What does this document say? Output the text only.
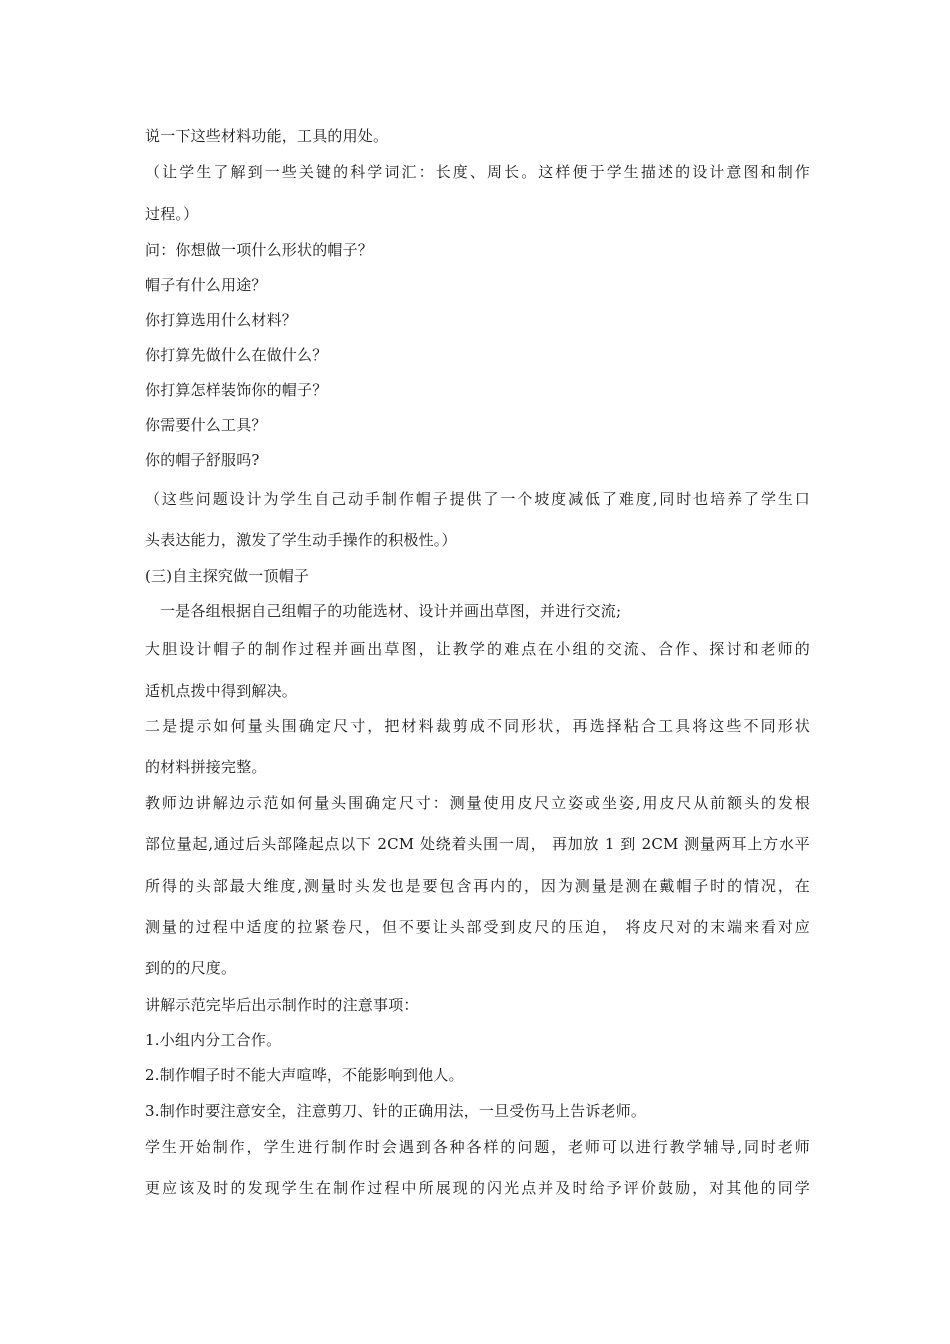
说一下这些材料功能，工具的用处。
（让学生了解到一些关键的科学词汇：长度、周长。这样便于学生描述的设计意图和制作
过程。）
问：你想做一项什么形状的帽子？
帽子有什么用途？
你打算选用什么材料？
你打算先做什么在做什么？
你打算怎样装饰你的帽子？
你需要什么工具？
你的帽子舒服吗?
（这些问题设计为学生自己动手制作帽子提供了一个坡度减低了难度,同时也培养了学生口
头表达能力，激发了学生动手操作的积极性。）
(三)自主探究做一顶帽子
一是各组根据自己组帽子的功能选材、设计并画出草图，并进行交流;
大胆设计帽子的制作过程并画出草图，让教学的难点在小组的交流、合作、探讨和老师的
适机点拨中得到解决。
二是提示如何量头围确定尺寸，把材料裁剪成不同形状，再选择粘合工具将这些不同形状
的材料拼接完整。
教师边讲解边示范如何量头围确定尺寸：测量使用皮尺立姿或坐姿,用皮尺从前额头的发根
部位量起,通过后头部隆起点以下 2CM 处绕着头围一周， 再加放 1 到 2CM 测量两耳上方水平
所得的头部最大维度,测量时头发也是要包含再内的，因为测量是测在戴帽子时的情况，在
测量的过程中适度的拉紧卷尺，但不要让头部受到皮尺的压迫， 将皮尺对的末端来看对应
到的的尺度。
讲解示范完毕后出示制作时的注意事项：
1.小组内分工合作。
2.制作帽子时不能大声喧哗，不能影响到他人。
3.制作时要注意安全，注意剪刀、针的正确用法，一旦受伤马上告诉老师。
学生开始制作，学生进行制作时会遇到各种各样的问题，老师可以进行教学辅导,同时老师
更应该及时的发现学生在制作过程中所展现的闪光点并及时给予评价鼓励，对其他的同学
